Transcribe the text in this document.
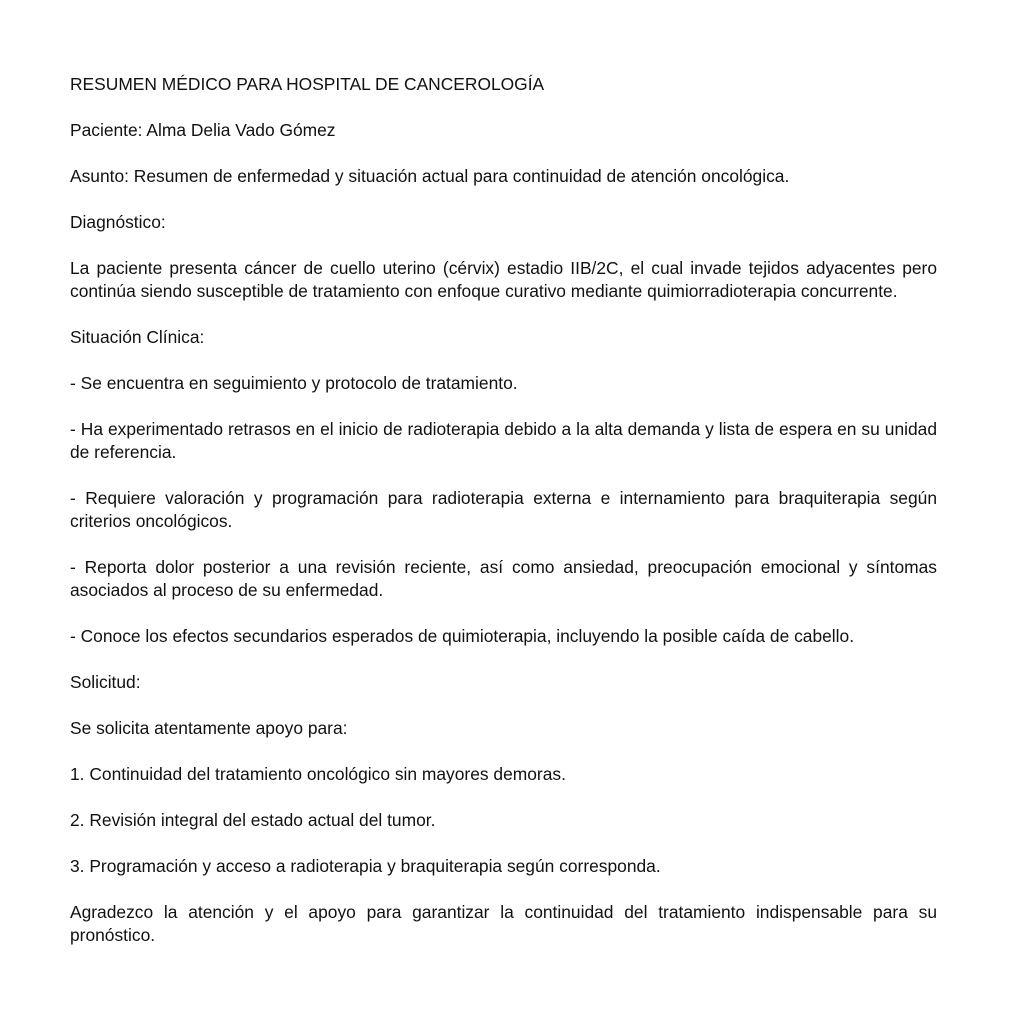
RESUMEN MÉDICO PARA HOSPITAL DE CANCEROLOGÍA

Paciente: Alma Delia Vado Gómez

Asunto: Resumen de enfermedad y situación actual para continuidad de atención oncológica.

Diagnóstico:

La paciente presenta cáncer de cuello uterino (cérvix) estadio IIB/2C, el cual invade tejidos adyacentes pero continúa siendo susceptible de tratamiento con enfoque curativo mediante quimiorradioterapia concurrente.

Situación Clínica:

- Se encuentra en seguimiento y protocolo de tratamiento.

- Ha experimentado retrasos en el inicio de radioterapia debido a la alta demanda y lista de espera en su unidad de referencia.

- Requiere valoración y programación para radioterapia externa e internamiento para braquiterapia según criterios oncológicos.

- Reporta dolor posterior a una revisión reciente, así como ansiedad, preocupación emocional y síntomas asociados al proceso de su enfermedad.

- Conoce los efectos secundarios esperados de quimioterapia, incluyendo la posible caída de cabello.

Solicitud:

Se solicita atentamente apoyo para:

1. Continuidad del tratamiento oncológico sin mayores demoras.

2. Revisión integral del estado actual del tumor.

3. Programación y acceso a radioterapia y braquiterapia según corresponda.

Agradezco la atención y el apoyo para garantizar la continuidad del tratamiento indispensable para su pronóstico.
